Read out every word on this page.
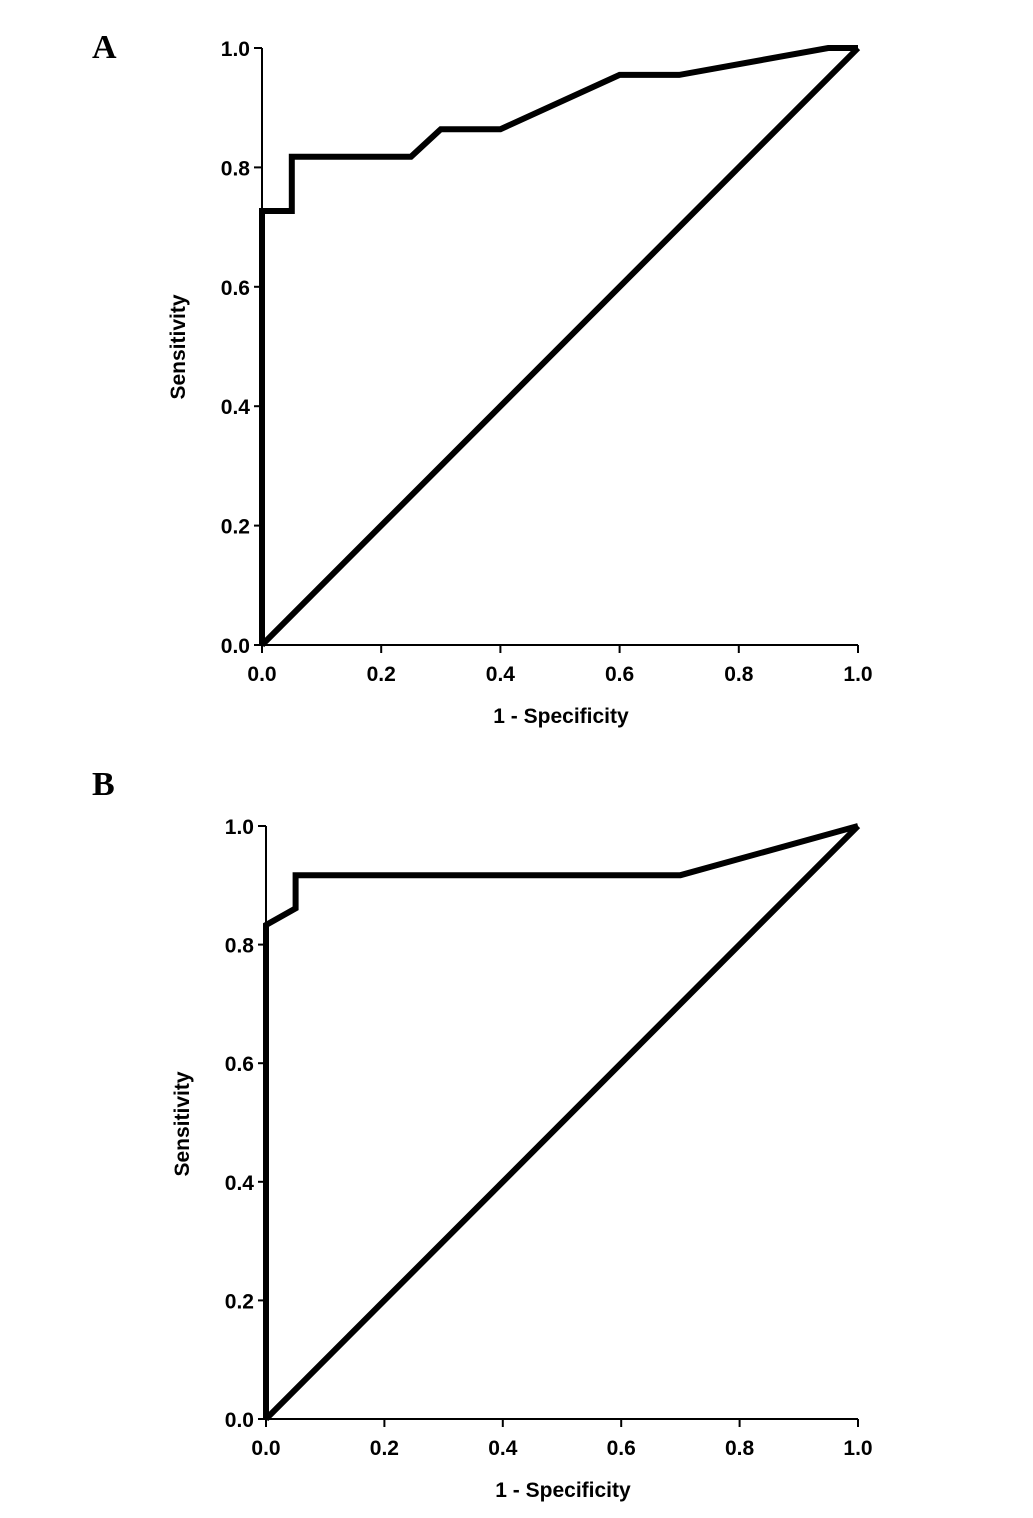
A
1 - Specificity
Sensitivity
0.0	0.2	0.4	0.6	0.8	1.0
0.0
0.2
0.4
0.6
0.8
1.0
B
1 - Specificity
Sensitivity
0.0	0.2	0.4	0.6	0.8	1.0
0.0
0.2
0.4
0.6
0.8
1.0
